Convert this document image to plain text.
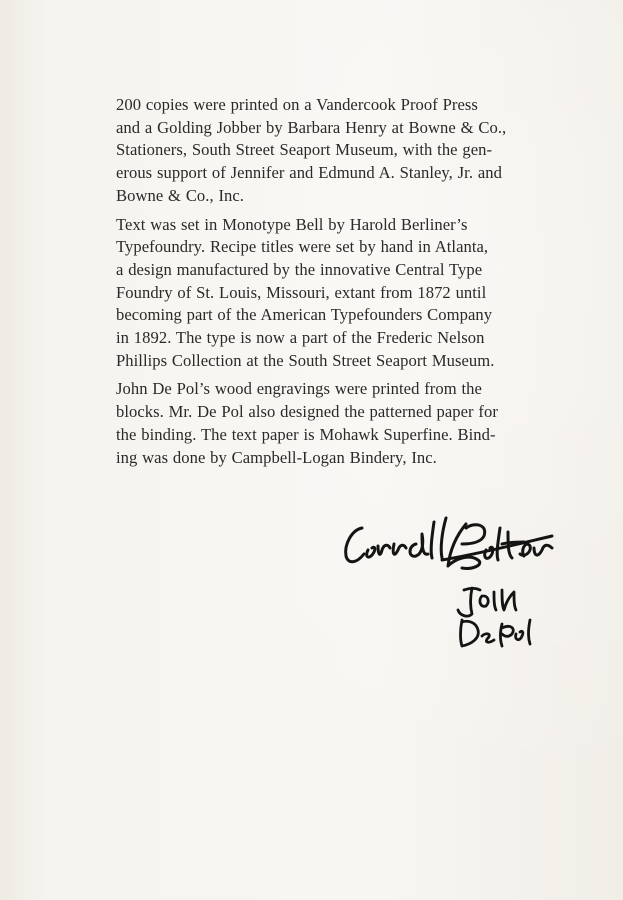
200 copies were printed on a Vandercook Proof Press
and a Golding Jobber by Barbara Henry at Bowne & Co.,
Stationers, South Street Seaport Museum, with the gen-
erous support of Jennifer and Edmund A. Stanley, Jr. and
Bowne & Co., Inc.

Text was set in Monotype Bell by Harold Berliner’s
Typefoundry. Recipe titles were set by hand in Atlanta,
a design manufactured by the innovative Central Type
Foundry of St. Louis, Missouri, extant from 1872 until
becoming part of the American Typefounders Company
in 1892. The type is now a part of the Frederic Nelson
Phillips Collection at the South Street Seaport Museum.

John De Pol’s wood engravings were printed from the
blocks. Mr. De Pol also designed the patterned paper for
the binding. The text paper is Mohawk Superfine. Bind-
ing was done by Campbell-Logan Bindery, Inc.
